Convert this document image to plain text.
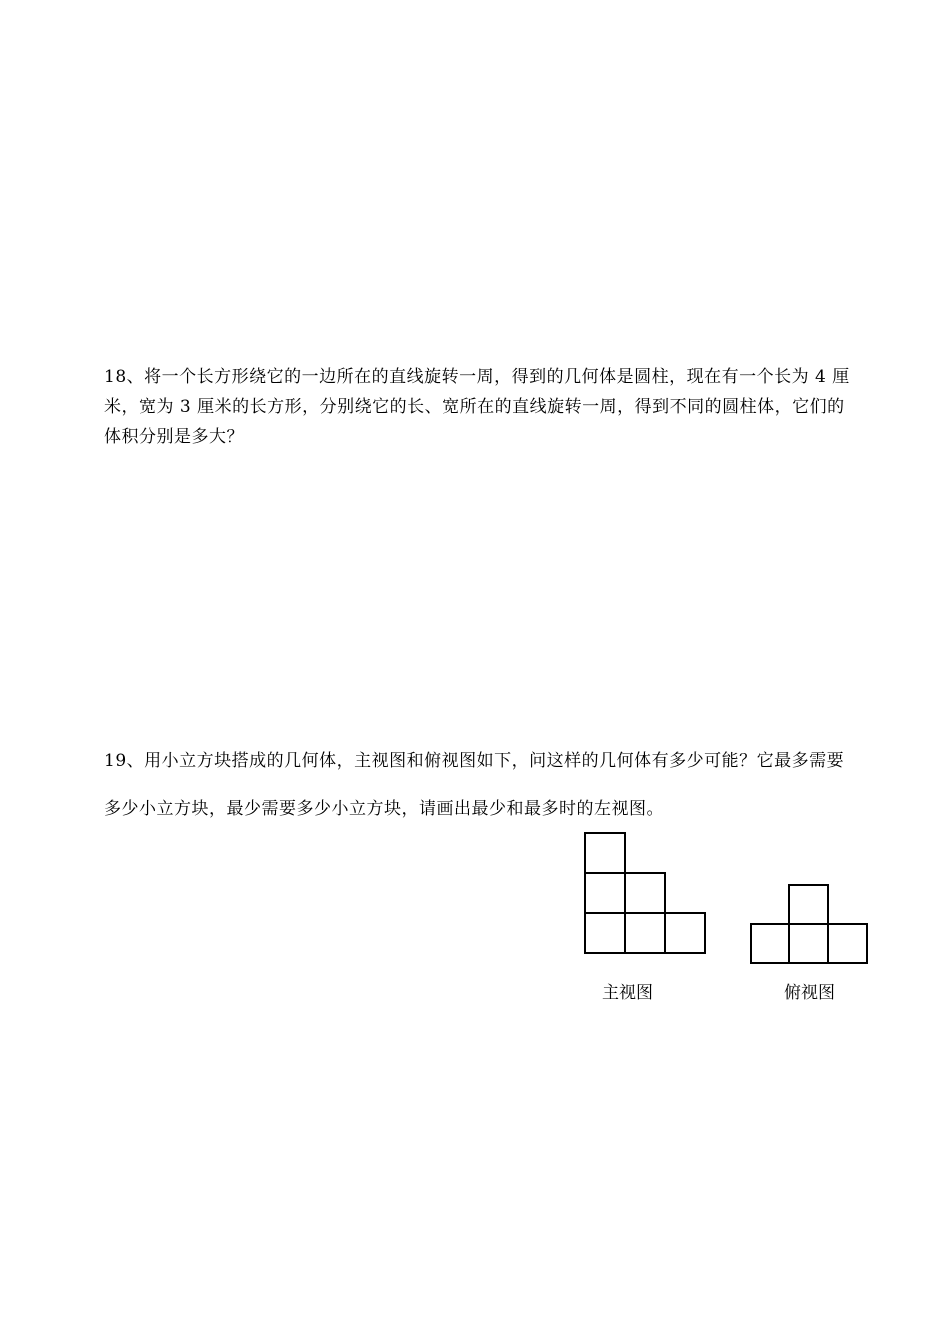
18、将一个长方形绕它的一边所在的直线旋转一周，得到的几何体是圆柱，现在有一个长为 4 厘米，宽为 3 厘米的长方形，分别绕它的长、宽所在的直线旋转一周，得到不同的圆柱体，它们的体积分别是多大？

19、用小立方块搭成的几何体，主视图和俯视图如下，问这样的几何体有多少可能？它最多需要多少小立方块，最少需要多少小立方块，请画出最少和最多时的左视图。

主视图	俯视图
